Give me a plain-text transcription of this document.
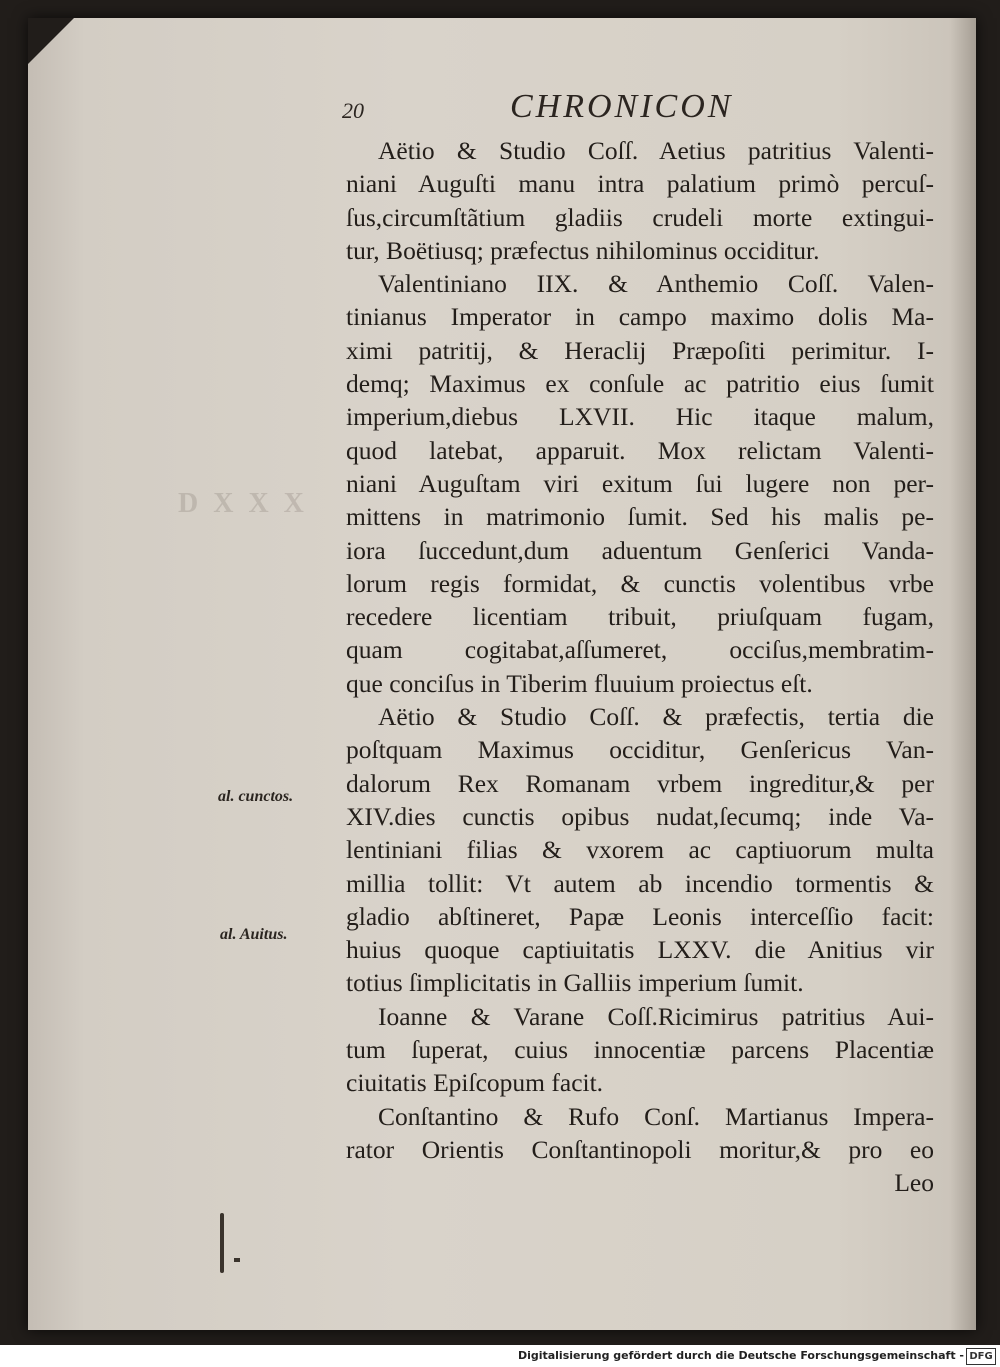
D X X X
20	CHRONICON
Aëtio & Studio Coſſ. Aetius patritius Valenti-
niani Auguſti manu intra palatium primò percuſ-
ſus,circumſtãtium gladiis crudeli morte extingui-
tur, Boëtiusq; præfectus nihilominus occiditur.
Valentiniano IIX. & Anthemio Coſſ. Valen-
tinianus Imperator in campo maximo dolis Ma-
ximi patritij, & Heraclij Præpoſiti perimitur. I-
demq; Maximus ex conſule ac patritio eius ſumit
imperium,diebus LXVII. Hic itaque malum,
quod latebat, apparuit. Mox relictam Valenti-
niani Auguſtam viri exitum ſui lugere non per-
mittens in matrimonio ſumit. Sed his malis pe-
iora ſuccedunt,dum aduentum Genſerici Vanda-
lorum regis formidat, & cunctis volentibus vrbe
recedere licentiam tribuit, priuſquam fugam,
quam cogitabat,aſſumeret, occiſus,membratim-
que conciſus in Tiberim fluuium proiectus eſt.
Aëtio & Studio Coſſ. & præfectis, tertia die
poſtquam Maximus occiditur, Genſericus Van-
dalorum Rex Romanam vrbem ingreditur,& per
XIV.dies cunctis opibus nudat,ſecumq; inde Va-
lentiniani filias & vxorem ac captiuorum multa
millia tollit: Vt autem ab incendio tormentis &
gladio abſtineret, Papæ Leonis interceſſio facit:
huius quoque captiuitatis LXXV. die Anitius vir
totius ſimplicitatis in Galliis imperium ſumit.
Ioanne & Varane Coſſ.Ricimirus patritius Aui-
tum ſuperat, cuius innocentiæ parcens Placentiæ
ciuitatis Epiſcopum facit.
Conſtantino & Rufo Conſ. Martianus Impera-
rator Orientis Conſtantinopoli moritur,& pro eo
Leo
al. cunctos.
al. Auitus.
Digitalisierung gefördert durch die Deutsche Forschungsgemeinschaft - DFG
